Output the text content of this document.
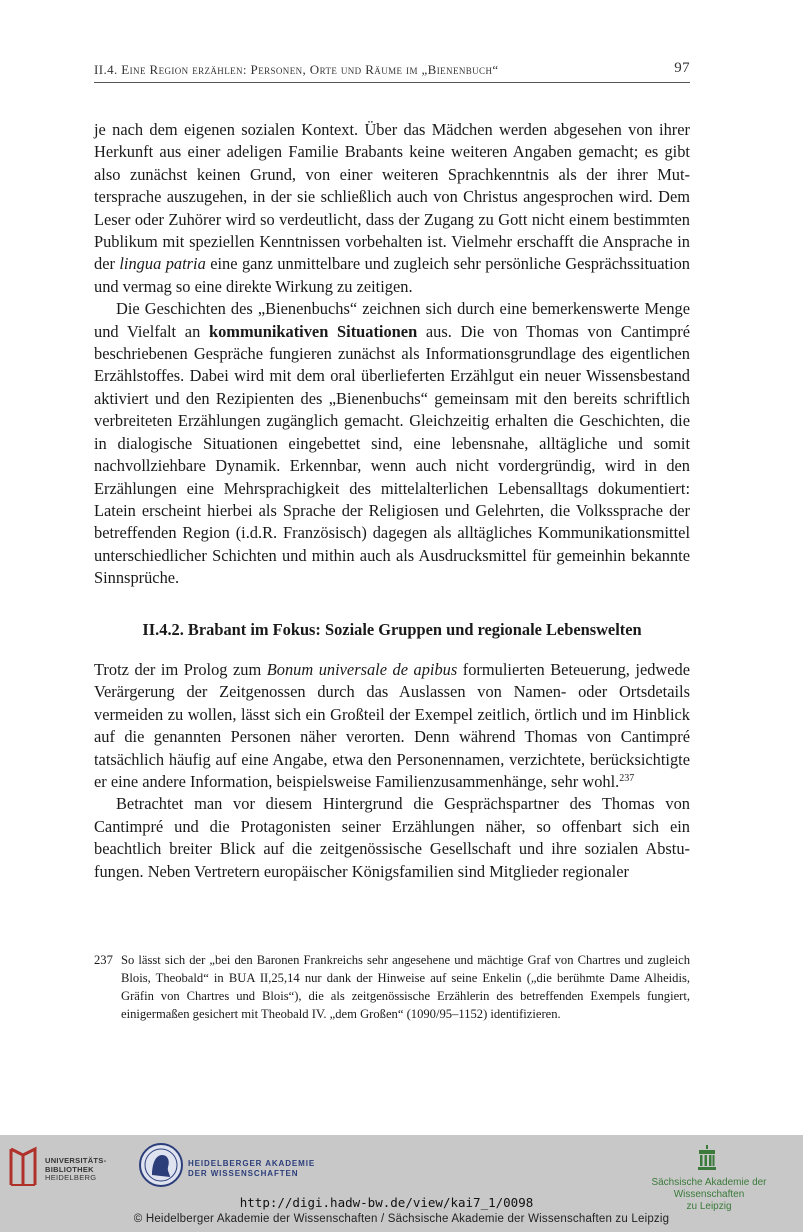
II.4. Eine Region erzählen: Personen, Orte und Räume im „Bienenbuch“	97

je nach dem eigenen sozialen Kontext. Über das Mädchen werden abgesehen von ihrer Herkunft aus einer adeligen Familie Brabants keine weiteren Angaben gemacht; es gibt also zunächst keinen Grund, von einer weiteren Sprachkenntnis als der ihrer Muttersprache auszugehen, in der sie schließlich auch von Christus angesprochen wird. Dem Leser oder Zuhörer wird so verdeutlicht, dass der Zugang zu Gott nicht einem bestimmten Publikum mit speziellen Kenntnissen vorbehalten ist. Vielmehr erschafft die Ansprache in der lingua patria eine ganz unmittelbare und zugleich sehr persönliche Gesprächssituation und vermag so eine direkte Wirkung zu zeitigen.

Die Geschichten des „Bienenbuchs“ zeichnen sich durch eine bemerkenswerte Menge und Vielfalt an kommunikativen Situationen aus. Die von Thomas von Cantimpré beschriebenen Gespräche fungieren zunächst als Informationsgrundlage des eigentlichen Erzählstoffes. Dabei wird mit dem oral überlieferten Erzählgut ein neuer Wissensbestand aktiviert und den Rezipienten des „Bienenbuchs“ gemeinsam mit den bereits schriftlich verbreiteten Erzählungen zugänglich gemacht. Gleichzeitig erhalten die Geschichten, die in dialogische Situationen eingebettet sind, eine lebensnahe, alltägliche und somit nachvollziehbare Dynamik. Erkennbar, wenn auch nicht vordergründig, wird in den Erzählungen eine Mehrsprachigkeit des mittelalterlichen Lebensalltags dokumentiert: Latein erscheint hierbei als Sprache der Religiosen und Gelehrten, die Volkssprache der betreffenden Region (i.d.R. Französisch) dagegen als alltägliches Kommunikationsmittel unterschiedlicher Schichten und mithin auch als Ausdrucksmittel für gemeinhin bekannte Sinnsprüche.

II.4.2. Brabant im Fokus: Soziale Gruppen und regionale Lebenswelten

Trotz der im Prolog zum Bonum universale de apibus formulierten Beteuerung, jedwede Verärgerung der Zeitgenossen durch das Auslassen von Namen- oder Ortsdetails vermeiden zu wollen, lässt sich ein Großteil der Exempel zeitlich, örtlich und im Hinblick auf die genannten Personen näher verorten. Denn während Thomas von Cantimpré tatsächlich häufig auf eine Angabe, etwa den Personennamen, verzichtete, berücksichtigte er eine andere Information, beispielsweise Familienzusammenhänge, sehr wohl.$^{237}$

Betrachtet man vor diesem Hintergrund die Gesprächspartner des Thomas von Cantimpré und die Protagonisten seiner Erzählungen näher, so offenbart sich ein beachtlich breiter Blick auf die zeitgenössische Gesellschaft und ihre sozialen Abstufungen. Neben Vertretern europäischer Königsfamilien sind Mitglieder regionaler

237 So lässt sich der „bei den Baronen Frankreichs sehr angesehene und mächtige Graf von Chartres und zugleich Blois, Theobald“ in BUA II,25,14 nur dank der Hinweise auf seine Enkelin („die berühmte Dame Alheidis, Gräfin von Chartres und Blois“), die als zeitgenössische Erzählerin des betreffenden Exempels fungiert, einigermaßen gesichert mit Theobald IV. „dem Großen“ (1090/95–1152) identifizieren.
UNIVERSITÄTS-
BIBLIOTHEK
HEIDELBERG
HEIDELBERGER AKADEMIE
DER WISSENSCHAFTEN
Sächsische Akademie der Wissenschaften
zu Leipzig
http://digi.hadw-bw.de/view/kai7_1/0098
© Heidelberger Akademie der Wissenschaften / Sächsische Akademie der Wissenschaften zu Leipzig
